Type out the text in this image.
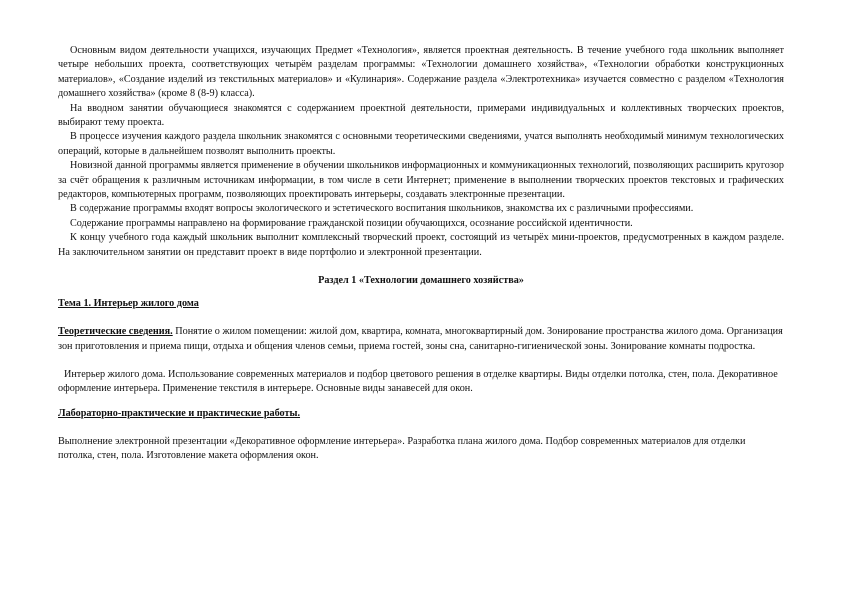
Основным видом деятельности учащихся, изучающих Предмет «Технология», является проектная деятельность. В течение учебного года школьник выполняет четыре небольших проекта, соответствующих четырём разделам программы: «Технологии домашнего хозяйства», «Технологии обработки конструкционных материалов», «Создание изделий из текстильных материалов» и «Кулинария». Содержание раздела «Электротехника» изучается совместно с разделом «Технология домашнего хозяйства» (кроме 8 (8-9) класса).

На вводном занятии обучающиеся знакомятся с содержанием проектной деятельности, примерами индивидуальных и коллективных творческих проектов, выбирают тему проекта.

В процессе изучения каждого раздела школьник знакомятся с основными теоретическими сведениями, учатся выполнять необходимый минимум технологических операций, которые в дальнейшем позволят выполнить проекты.

Новизной данной программы является применение в обучении школьников информационных и коммуникационных технологий, позволяющих расширить кругозор за счёт обращения к различным источникам информации, в том числе в сети Интернет; применение в выполнении творческих проектов текстовых и графических редакторов, компьютерных программ, позволяющих проектировать интерьеры, создавать электронные презентации.

В содержание программы входят вопросы экологического и эстетического воспитания школьников, знакомства их с различными профессиями.

Содержание программы направлено на формирование гражданской позиции обучающихся, осознание российской идентичности.

К концу учебного года каждый школьник выполнит комплексный творческий проект, состоящий из четырёх мини-проектов, предусмотренных в каждом разделе. На заключительном занятии он представит проект в виде портфолио и электронной презентации.

Раздел 1 «Технологии домашнего хозяйства»
Тема 1. Интерьер жилого дома

Теоретические сведения. Понятие о жилом помещении: жилой дом, квартира, комната, многоквартирный дом. Зонирование пространства жилого дома. Организация зон приготовления и приема пищи, отдыха и общения членов семьи, приема гостей, зоны сна, санитарно-гигиенической зоны. Зонирование комнаты подростка.

Интерьер жилого дома. Использование современных материалов и подбор цветового решения в отделке квартиры. Виды отделки потолка, стен, пола. Декоративное оформление интерьера. Применение текстиля в интерьере. Основные виды занавесей для окон.

Лабораторно-практические и практические работы.

Выполнение электронной презентации «Декоративное оформление интерьера». Разработка плана жилого дома. Подбор современных материалов для отделки потолка, стен, пола. Изготовление макета оформления окон.
